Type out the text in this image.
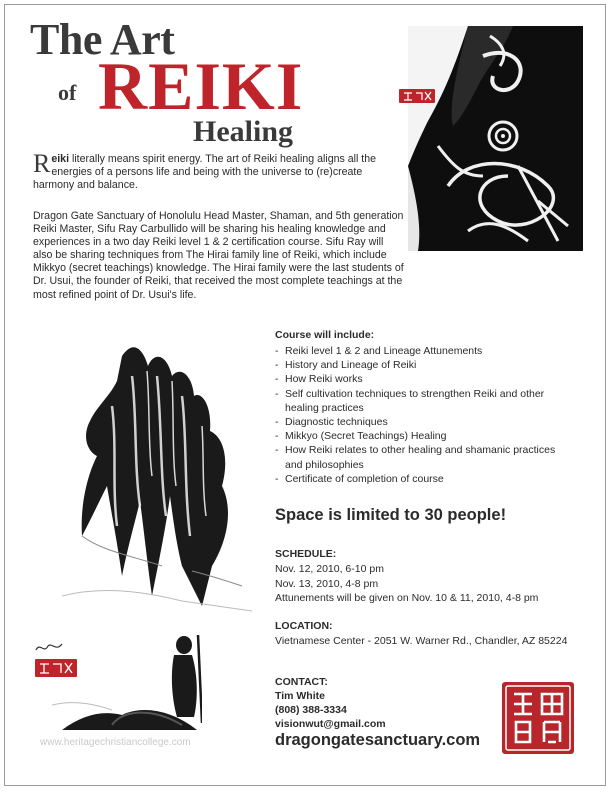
The Art
of REIKI
Healing
Reiki literally means spirit energy. The art of Reiki healing aligns all the energies of a persons life and being with the universe to (re)create harmony and balance.

Dragon Gate Sanctuary of Honolulu Head Master, Shaman, and 5th generation Reiki Master, Sifu Ray Carbullido will be sharing his healing knowledge and experiences in a two day Reiki level 1 & 2 certification course. Sifu Ray will also be sharing techniques from The Hirai family line of Reiki, which include Mikkyo (secret teachings) knowledge. The Hirai family were the last students of Dr. Usui, the founder of Reiki, that received the most complete teachings at the most refined point of Dr. Usui's life.

www.heritagechristiancollege.com
Course will include:
- Reiki level 1 & 2 and Lineage Attunements
- History and Lineage of Reiki
- How Reiki works
- Self cultivation techniques to strengthen Reiki and other healing practices
- Diagnostic techniques
- Mikkyo (Secret Teachings) Healing
- How Reiki relates to other healing and shamanic practices and philosophies
- Certificate of completion of course
Space is limited to 30 people!
SCHEDULE:
Nov. 12, 2010, 6-10 pm
Nov. 13, 2010, 4-8 pm
Attunements will be given on Nov. 10 & 11, 2010, 4-8 pm
LOCATION:
Vietnamese Center - 2051 W. Warner Rd., Chandler, AZ 85224
CONTACT:
Tim White
(808) 388-3334
visionwut@gmail.com
dragongatesanctuary.com
